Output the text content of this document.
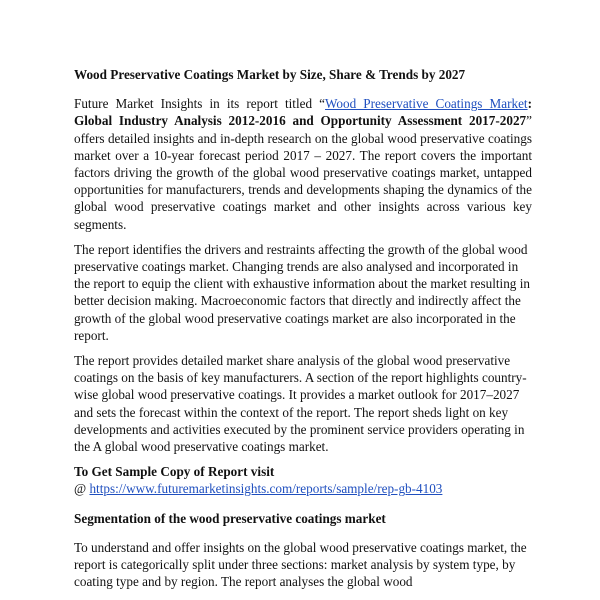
Wood Preservative Coatings Market by Size, Share & Trends by 2027

Future Market Insights in its report titled “Wood Preservative Coatings Market: Global Industry Analysis 2012-2016 and Opportunity Assessment 2017-2027” offers detailed insights and in-depth research on the global wood preservative coatings market over a 10-year forecast period 2017 – 2027. The report covers the important factors driving the growth of the global wood preservative coatings market, untapped opportunities for manufacturers, trends and developments shaping the dynamics of the global wood preservative coatings market and other insights across various key segments.

The report identifies the drivers and restraints affecting the growth of the global wood preservative coatings market. Changing trends are also analysed and incorporated in the report to equip the client with exhaustive information about the market resulting in better decision making. Macroeconomic factors that directly and indirectly affect the growth of the global wood preservative coatings market are also incorporated in the report.

The report provides detailed market share analysis of the global wood preservative coatings on the basis of key manufacturers. A section of the report highlights country-wise global wood preservative coatings. It provides a market outlook for 2017–2027 and sets the forecast within the context of the report. The report sheds light on key developments and activities executed by the prominent service providers operating in the A global wood preservative coatings market.

To Get Sample Copy of Report visit
@ https://www.futuremarketinsights.com/reports/sample/rep-gb-4103
Segmentation of the wood preservative coatings market

To understand and offer insights on the global wood preservative coatings market, the report is categorically split under three sections: market analysis by system type, by coating type and by region. The report analyses the global wood
